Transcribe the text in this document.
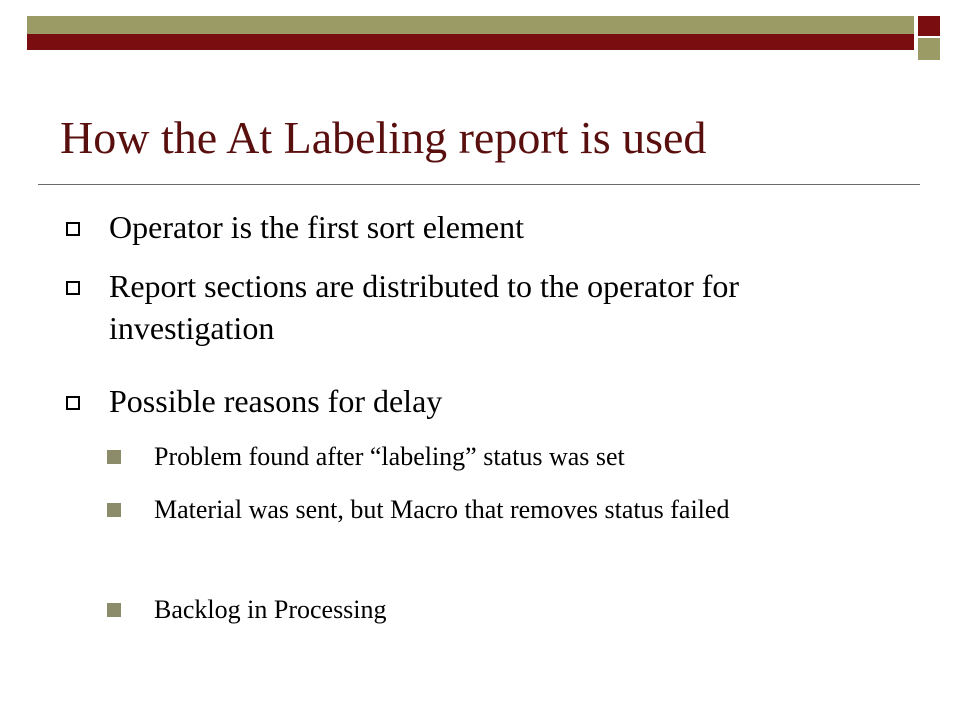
How the At Labeling report is used
Operator is the first sort element
Report sections are distributed to the operator for investigation
Possible reasons for delay
Problem found after “labeling” status was set
Material was sent, but Macro that removes status failed
Backlog in Processing
